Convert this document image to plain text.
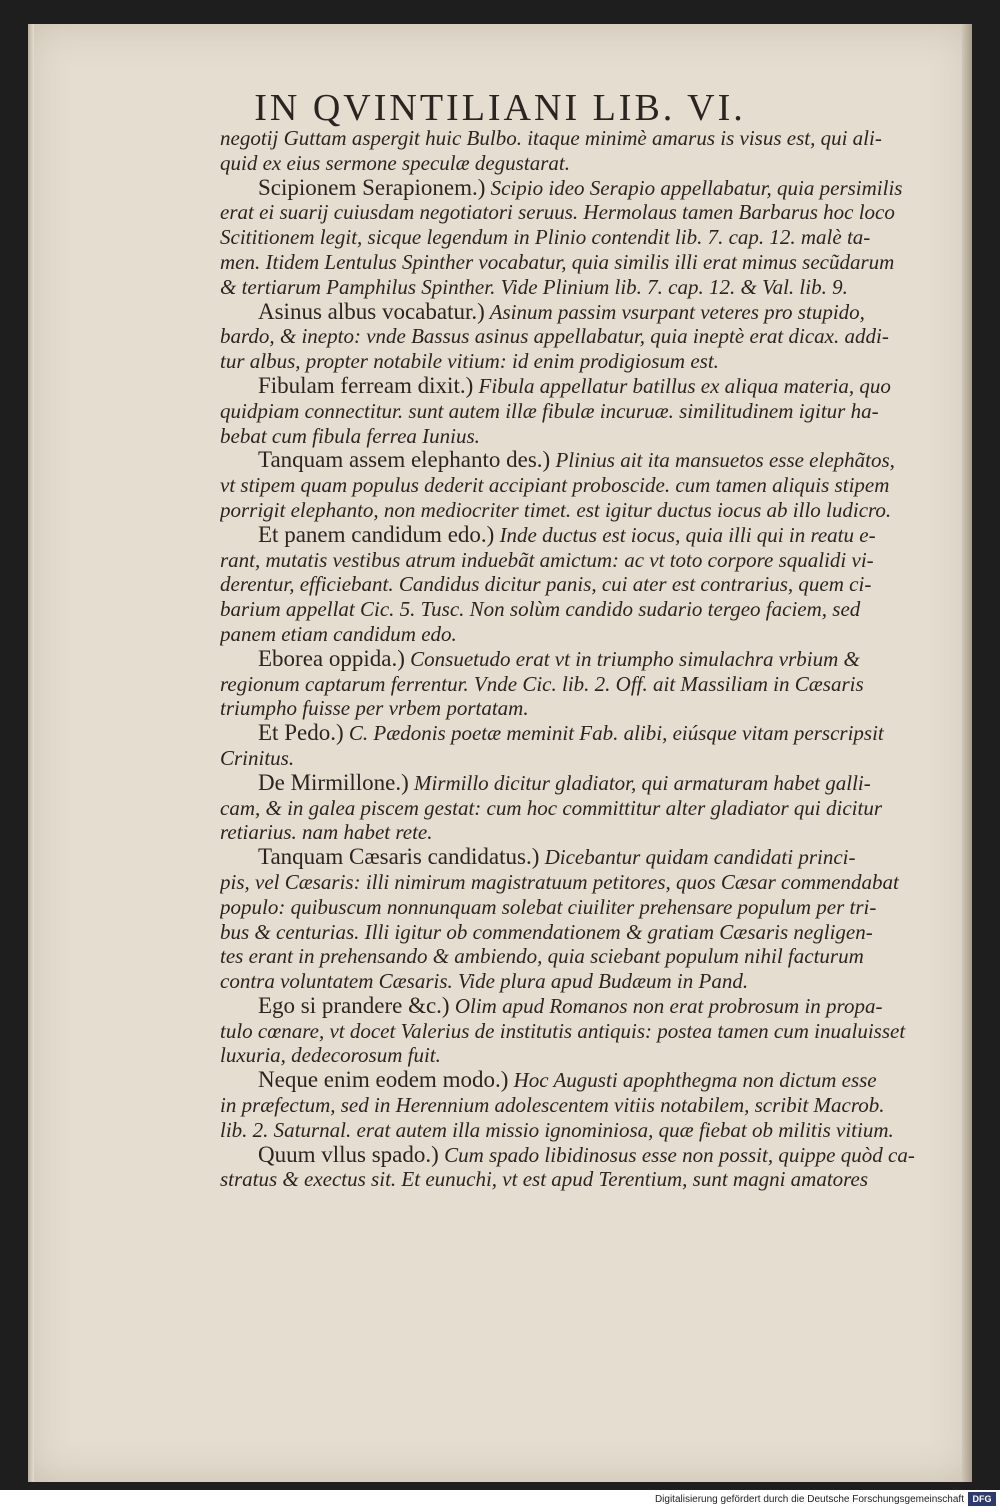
IN QVINTILIANI LIB. VI.
negotij Guttam aspergit huic Bulbo. itaque minimè amarus is visus est, qui ali-
quid ex eius sermone speculæ degustarat.
Scipionem Serapionem.) Scipio ideo Serapio appellabatur, quia persimilis
erat ei suarij cuiusdam negotiatori seruus. Hermolaus tamen Barbarus hoc loco
Scititionem legit, sicque legendum in Plinio contendit lib. 7. cap. 12. malè ta-
men. Itidem Lentulus Spinther vocabatur, quia similis illi erat mimus secũdarum
& tertiarum Pamphilus Spinther. Vide Plinium lib. 7. cap. 12. & Val. lib. 9.
Asinus albus vocabatur.) Asinum passim vsurpant veteres pro stupido,
bardo, & inepto: vnde Bassus asinus appellabatur, quia ineptè erat dicax. addi-
tur albus, propter notabile vitium: id enim prodigiosum est.
Fibulam ferream dixit.) Fibula appellatur batillus ex aliqua materia, quo
quidpiam connectitur. sunt autem illæ fibulæ incuruæ. similitudinem igitur ha-
bebat cum fibula ferrea Iunius.
Tanquam assem elephanto des.) Plinius ait ita mansuetos esse elephãtos,
vt stipem quam populus dederit accipiant proboscide. cum tamen aliquis stipem
porrigit elephanto, non mediocriter timet. est igitur ductus iocus ab illo ludicro.
Et panem candidum edo.) Inde ductus est iocus, quia illi qui in reatu e-
rant, mutatis vestibus atrum induebãt amictum: ac vt toto corpore squalidi vi-
derentur, efficiebant. Candidus dicitur panis, cui ater est contrarius, quem ci-
barium appellat Cic. 5. Tusc. Non solùm candido sudario tergeo faciem, sed
panem etiam candidum edo.
Eborea oppida.) Consuetudo erat vt in triumpho simulachra vrbium &
regionum captarum ferrentur. Vnde Cic. lib. 2. Off. ait Massiliam in Cæsaris
triumpho fuisse per vrbem portatam.
Et Pedo.) C. Pædonis poetæ meminit Fab. alibi, eiúsque vitam perscripsit
Crinitus.
De Mirmillone.) Mirmillo dicitur gladiator, qui armaturam habet galli-
cam, & in galea piscem gestat: cum hoc committitur alter gladiator qui dicitur
retiarius. nam habet rete.
Tanquam Cæsaris candidatus.) Dicebantur quidam candidati princi-
pis, vel Cæsaris: illi nimirum magistratuum petitores, quos Cæsar commendabat
populo: quibuscum nonnunquam solebat ciuiliter prehensare populum per tri-
bus & centurias. Illi igitur ob commendationem & gratiam Cæsaris negligen-
tes erant in prehensando & ambiendo, quia sciebant populum nihil facturum
contra voluntatem Cæsaris. Vide plura apud Budæum in Pand.
Ego si prandere &c.) Olim apud Romanos non erat probrosum in propa-
tulo cœnare, vt docet Valerius de institutis antiquis: postea tamen cum inualuisset
luxuria, dedecorosum fuit.
Neque enim eodem modo.) Hoc Augusti apophthegma non dictum esse
in præfectum, sed in Herennium adolescentem vitiis notabilem, scribit Macrob.
lib. 2. Saturnal. erat autem illa missio ignominiosa, quæ fiebat ob militis vitium.
Quum vllus spado.) Cum spado libidinosus esse non possit, quippe quòd ca-
stratus & exectus sit. Et eunuchi, vt est apud Terentium, sunt magni amatores
Digitalisierung gefördert durch die Deutsche Forschungsgemeinschaft DFG
